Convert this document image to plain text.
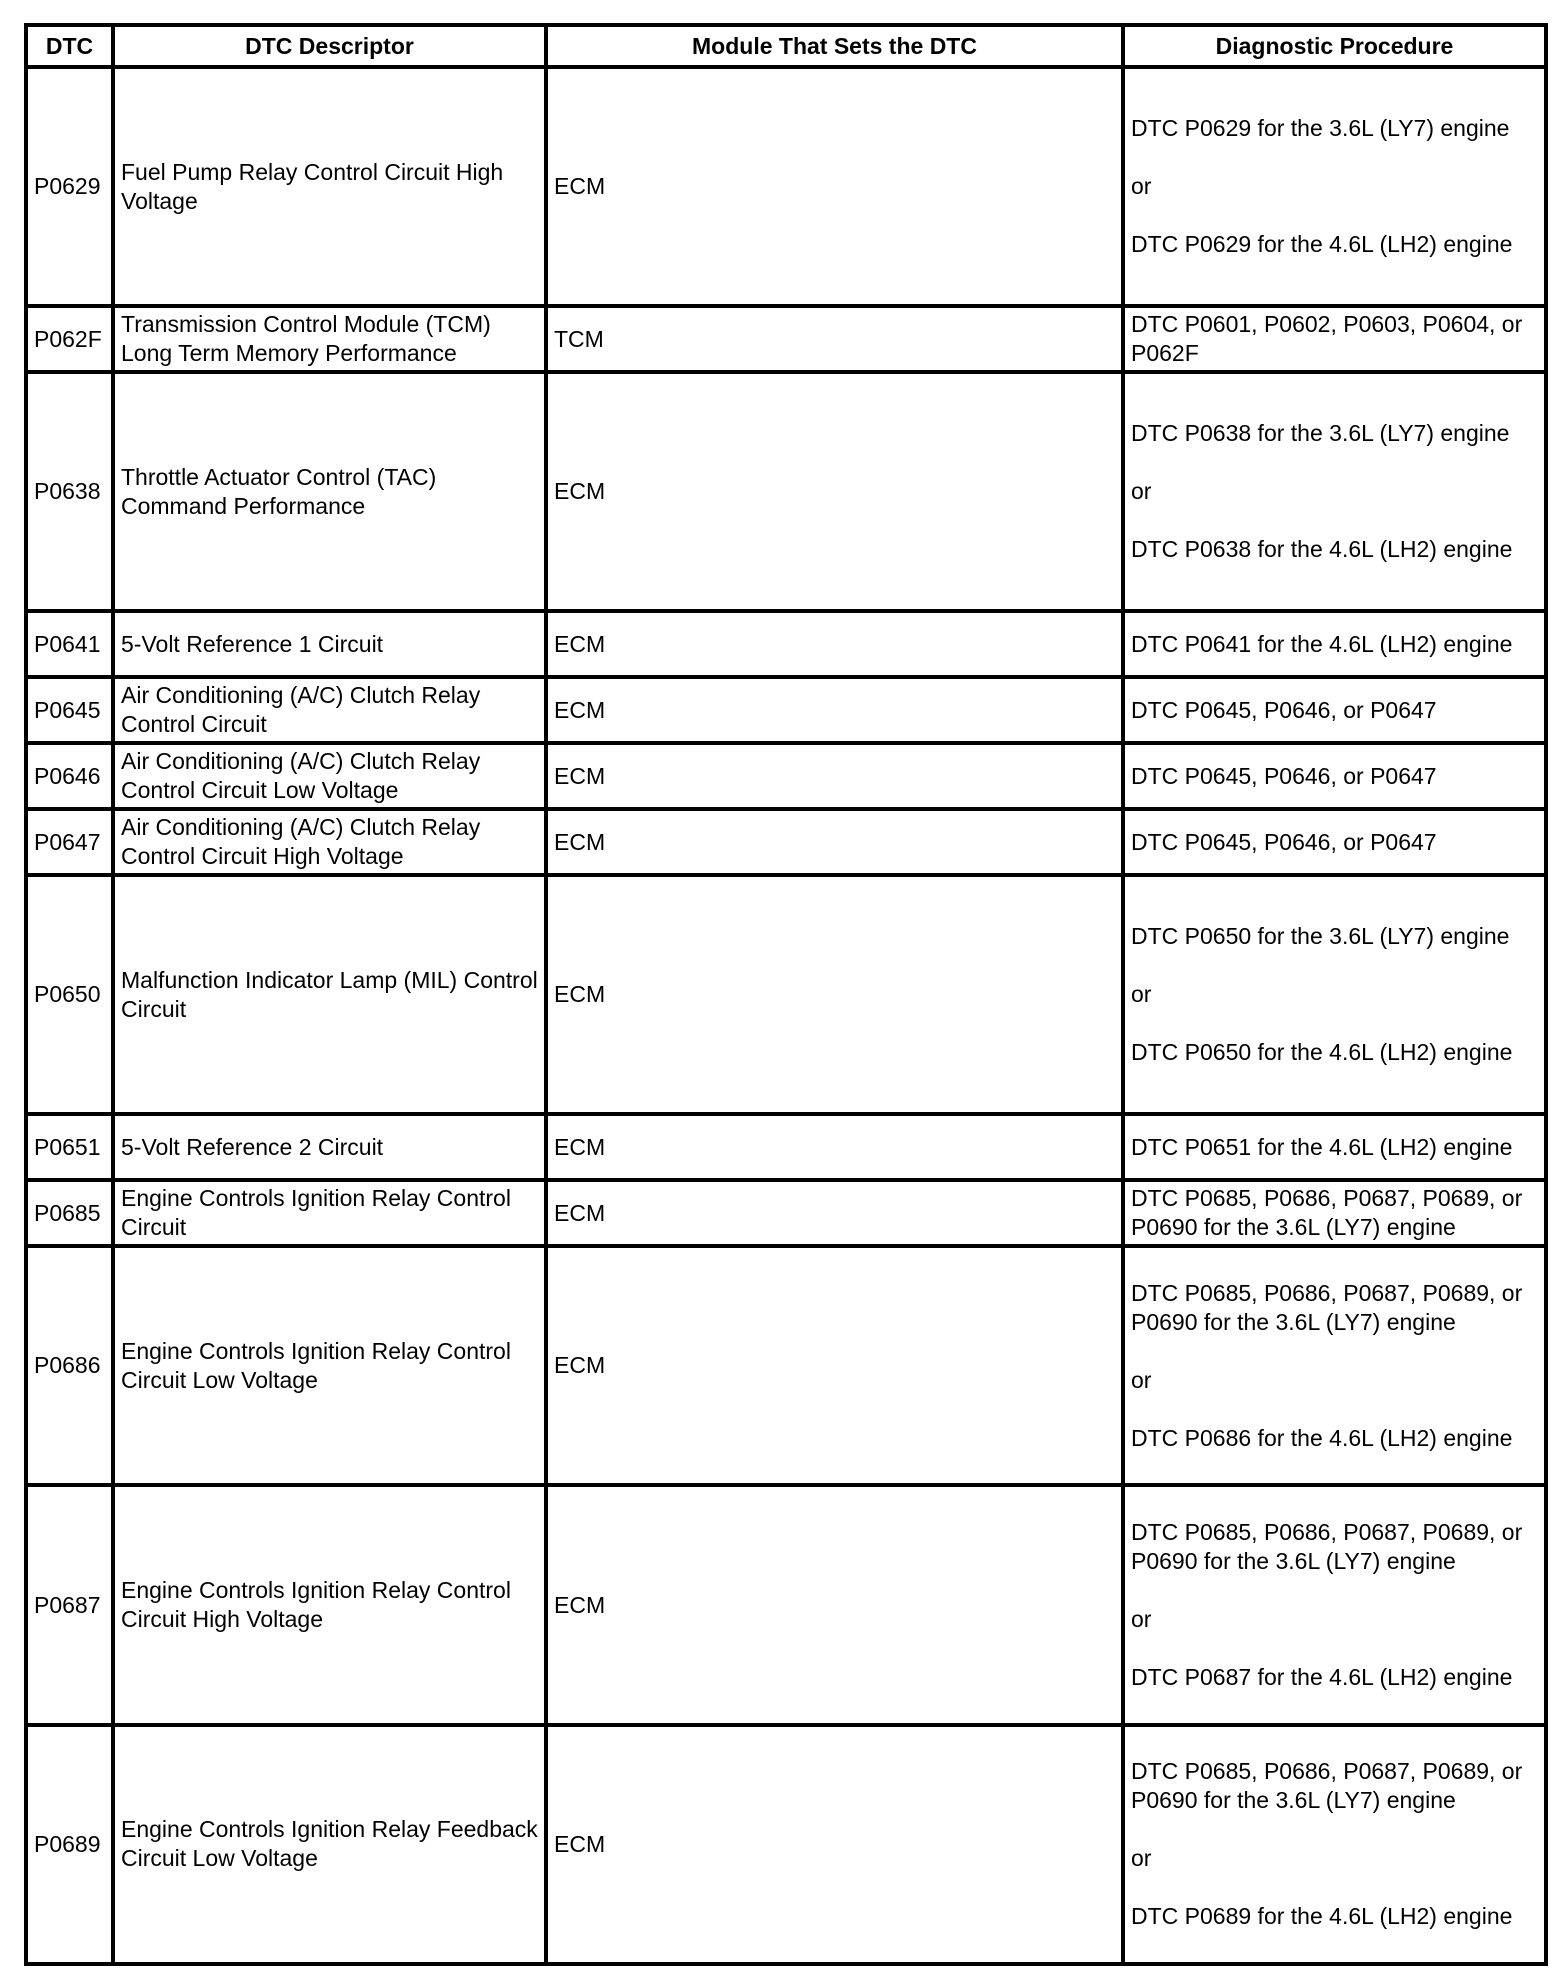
DTC	DTC Descriptor	Module That Sets the DTC	Diagnostic Procedure
P0629	Fuel Pump Relay Control Circuit High Voltage	ECM	DTC P0629 for the 3.6L (LY7) engine
or
DTC P0629 for the 4.6L (LH2) engine

P062F	Transmission Control Module (TCM) Long Term Memory Performance	TCM	DTC P0601, P0602, P0603, P0604, or P062F

P0638	Throttle Actuator Control (TAC) Command Performance	ECM	DTC P0638 for the 3.6L (LY7) engine
or
DTC P0638 for the 4.6L (LH2) engine

P0641	5-Volt Reference 1 Circuit	ECM	DTC P0641 for the 4.6L (LH2) engine

P0645	Air Conditioning (A/C) Clutch Relay Control Circuit	ECM	DTC P0645, P0646, or P0647

P0646	Air Conditioning (A/C) Clutch Relay Control Circuit Low Voltage	ECM	DTC P0645, P0646, or P0647

P0647	Air Conditioning (A/C) Clutch Relay Control Circuit High Voltage	ECM	DTC P0645, P0646, or P0647

P0650	Malfunction Indicator Lamp (MIL) Control Circuit	ECM	DTC P0650 for the 3.6L (LY7) engine
or
DTC P0650 for the 4.6L (LH2) engine

P0651	5-Volt Reference 2 Circuit	ECM	DTC P0651 for the 4.6L (LH2) engine

P0685	Engine Controls Ignition Relay Control Circuit	ECM	DTC P0685, P0686, P0687, P0689, or P0690 for the 3.6L (LY7) engine

P0686	Engine Controls Ignition Relay Control Circuit Low Voltage	ECM	DTC P0685, P0686, P0687, P0689, or P0690 for the 3.6L (LY7) engine
or
DTC P0686 for the 4.6L (LH2) engine

P0687	Engine Controls Ignition Relay Control Circuit High Voltage	ECM	DTC P0685, P0686, P0687, P0689, or P0690 for the 3.6L (LY7) engine
or
DTC P0687 for the 4.6L (LH2) engine

P0689	Engine Controls Ignition Relay Feedback Circuit Low Voltage	ECM	DTC P0685, P0686, P0687, P0689, or P0690 for the 3.6L (LY7) engine
or
DTC P0689 for the 4.6L (LH2) engine
